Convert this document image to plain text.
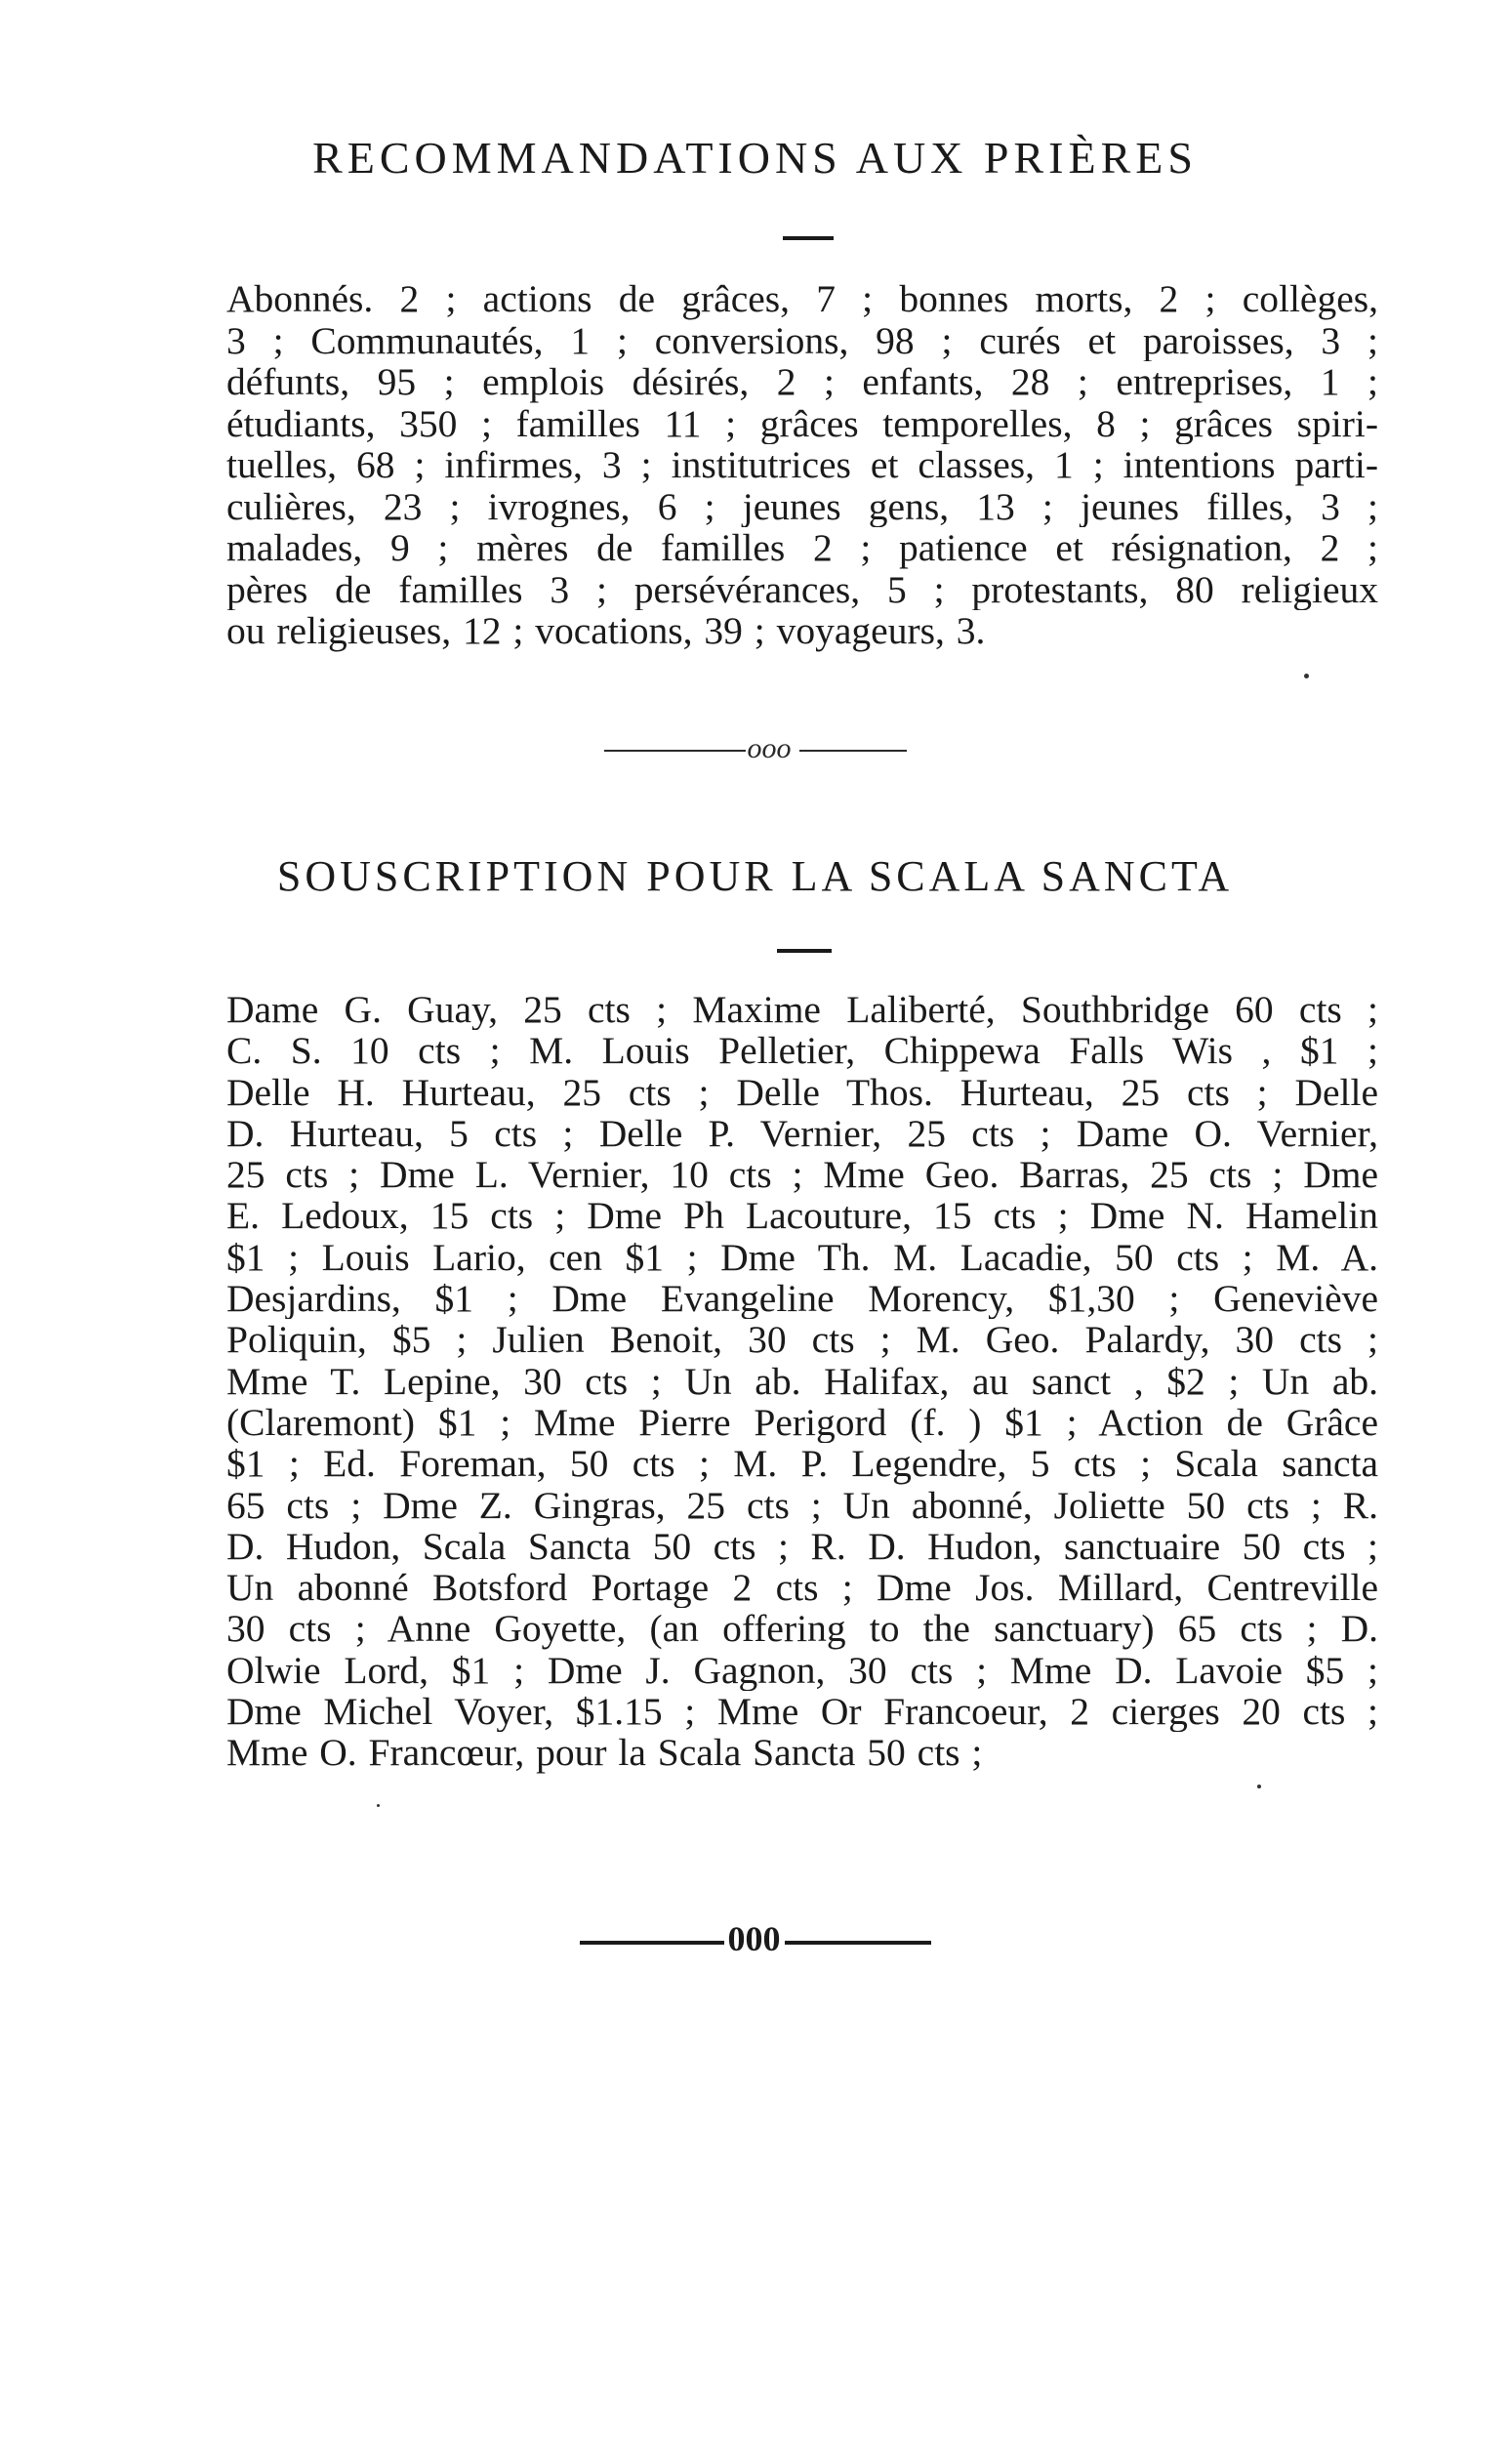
RECOMMANDATIONS AUX PRIÈRES

Abonnés. 2 ; actions de grâces, 7 ; bonnes morts, 2 ; collèges,
3 ; Communautés, 1 ; conversions, 98 ; curés et paroisses, 3 ;
défunts, 95 ; emplois désirés, 2 ; enfants, 28 ; entreprises, 1 ;
étudiants, 350 ; familles 11 ; grâces temporelles, 8 ; grâces spiri-
tuelles, 68 ; infirmes, 3 ; institutrices et classes, 1 ; intentions parti-
culières, 23 ; ivrognes, 6 ; jeunes gens, 13 ; jeunes filles, 3 ;
malades, 9 ; mères de familles 2 ; patience et résignation, 2 ;
pères de familles 3 ; persévérances, 5 ; protestants, 80 religieux
ou religieuses, 12 ; vocations, 39 ; voyageurs, 3.

ooo
SOUSCRIPTION POUR LA SCALA SANCTA

Dame G. Guay, 25 cts ; Maxime Laliberté, Southbridge 60 cts ;
C. S. 10 cts ; M. Louis Pelletier, Chippewa Falls Wis , $1 ;
Delle H. Hurteau, 25 cts ; Delle Thos. Hurteau, 25 cts ; Delle
D. Hurteau, 5 cts ; Delle P. Vernier, 25 cts ; Dame O. Vernier,
25 cts ; Dme L. Vernier, 10 cts ; Mme Geo. Barras, 25 cts ; Dme
E. Ledoux, 15 cts ; Dme Ph Lacouture, 15 cts ; Dme N. Hamelin
$1 ; Louis Lario, cen $1 ; Dme Th. M. Lacadie, 50 cts ; M. A.
Desjardins, $1 ; Dme Evangeline Morency, $1,30 ; Geneviève
Poliquin, $5 ; Julien Benoit, 30 cts ; M. Geo. Palardy, 30 cts ;
Mme T. Lepine, 30 cts ; Un ab. Halifax, au sanct , $2 ; Un ab.
(Claremont) $1 ; Mme Pierre Perigord (f. ) $1 ; Action de Grâce
$1 ; Ed. Foreman, 50 cts ; M. P. Legendre, 5 cts ; Scala sancta
65 cts ; Dme Z. Gingras, 25 cts ; Un abonné, Joliette 50 cts ; R.
D. Hudon, Scala Sancta 50 cts ; R. D. Hudon, sanctuaire 50 cts ;
Un abonné Botsford Portage 2 cts ; Dme Jos. Millard, Centreville
30 cts ; Anne Goyette, (an offering to the sanctuary) 65 cts ; D.
Olwie Lord, $1 ; Dme J. Gagnon, 30 cts ; Mme D. Lavoie $5 ;
Dme Michel Voyer, $1.15 ; Mme Or Francoeur, 2 cierges 20 cts ;
Mme O. Francœur, pour la Scala Sancta 50 cts ;

000
